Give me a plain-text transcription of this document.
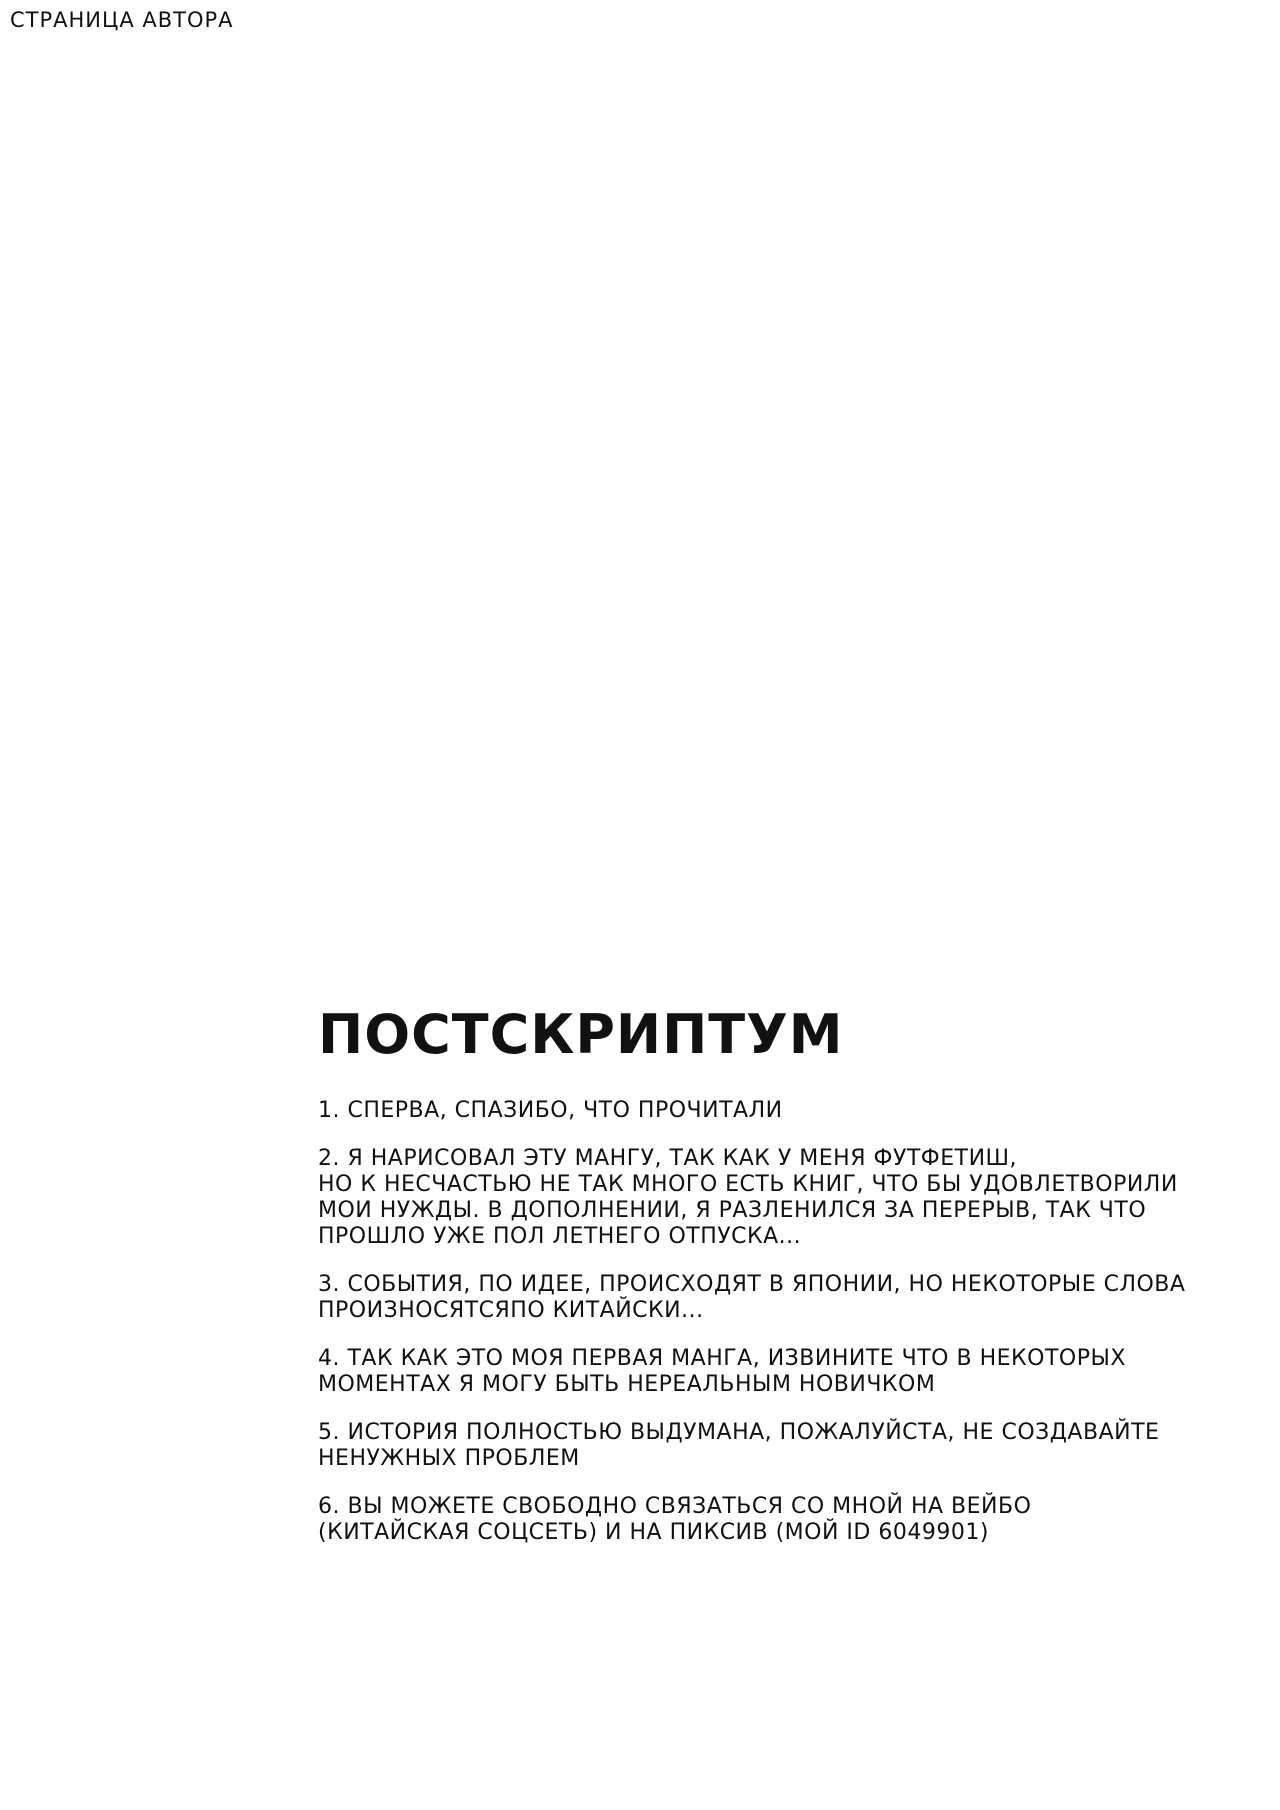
СТРАНИЦА АВТОРА
ПОСТСКРИПТУМ
1. СПЕРВА, СПАЗИБО, ЧТО ПРОЧИТАЛИ
2. Я НАРИСОВАЛ ЭТУ МАНГУ, ТАК КАК У МЕНЯ ФУТФЕТИШ,
НО К НЕСЧАСТЬЮ НЕ ТАК МНОГО ЕСТЬ КНИГ, ЧТО БЫ УДОВЛЕТВОРИЛИ
МОИ НУЖДЫ. В ДОПОЛНЕНИИ, Я РАЗЛЕНИЛСЯ ЗА ПЕРЕРЫВ, ТАК ЧТО
ПРОШЛО УЖЕ ПОЛ ЛЕТНЕГО ОТПУСКА...
3. СОБЫТИЯ, ПО ИДЕЕ, ПРОИСХОДЯТ В ЯПОНИИ, НО НЕКОТОРЫЕ СЛОВА
ПРОИЗНОСЯТСЯПО КИТАЙСКИ...
4. ТАК КАК ЭТО МОЯ ПЕРВАЯ МАНГА, ИЗВИНИТЕ ЧТО В НЕКОТОРЫХ
МОМЕНТАХ Я МОГУ БЫТЬ НЕРЕАЛЬНЫМ НОВИЧКОМ
5. ИСТОРИЯ ПОЛНОСТЬЮ ВЫДУМАНА, ПОЖАЛУЙСТА, НЕ СОЗДАВАЙТЕ
НЕНУЖНЫХ ПРОБЛЕМ
6. ВЫ МОЖЕТЕ СВОБОДНО СВЯЗАТЬСЯ СО МНОЙ НА ВЕЙБО
(КИТАЙСКАЯ СОЦСЕТЬ) И НА ПИКСИВ (МОЙ ID 6049901)
